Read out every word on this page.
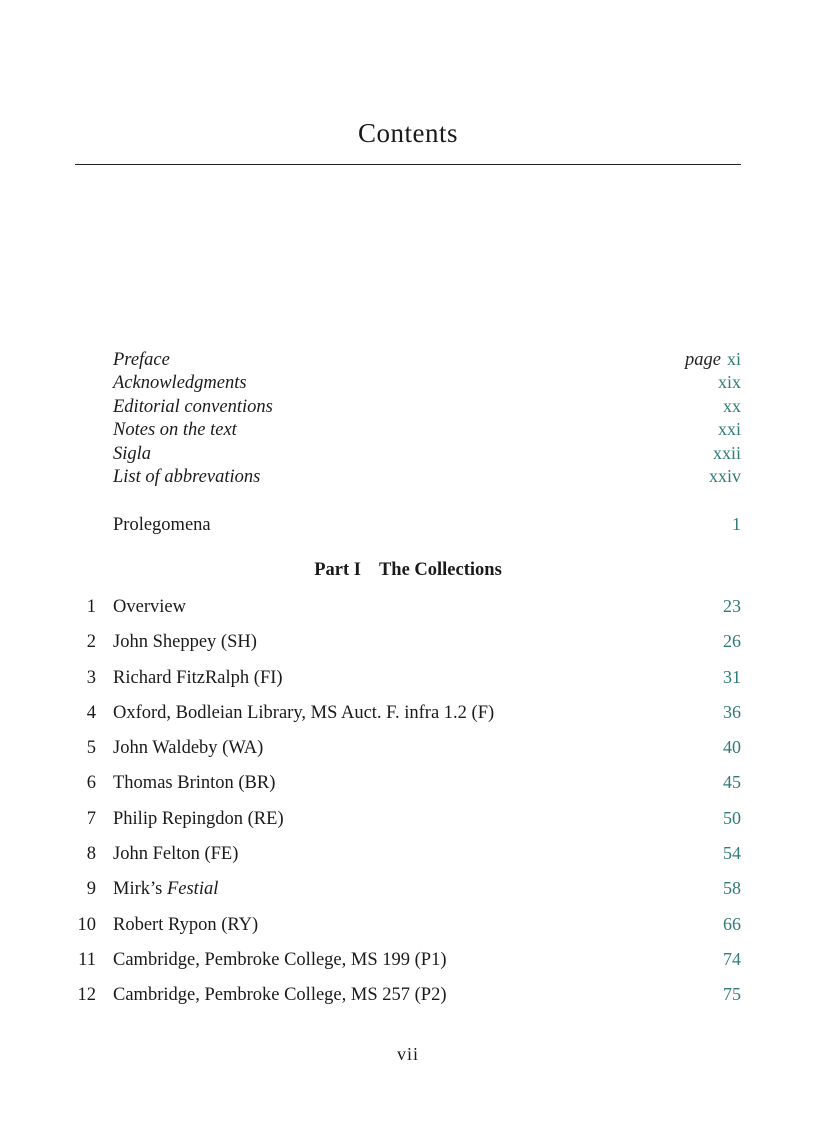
Contents
Preface	page xi
Acknowledgments	xix
Editorial conventions	xx
Notes on the text	xxi
Sigla	xxii
List of abbrevations	xxiv
Prolegomena	1
Part I The Collections
1 Overview	23
2 John Sheppey (SH)	26
3 Richard FitzRalph (FI)	31
4 Oxford, Bodleian Library, MS Auct. F. infra 1.2 (F)	36
5 John Waldeby (WA)	40
6 Thomas Brinton (BR)	45
7 Philip Repingdon (RE)	50
8 John Felton (FE)	54
9 Mirk’s Festial	58
10 Robert Rypon (RY)	66
11 Cambridge, Pembroke College, MS 199 (P1)	74
12 Cambridge, Pembroke College, MS 257 (P2)	75
vii
